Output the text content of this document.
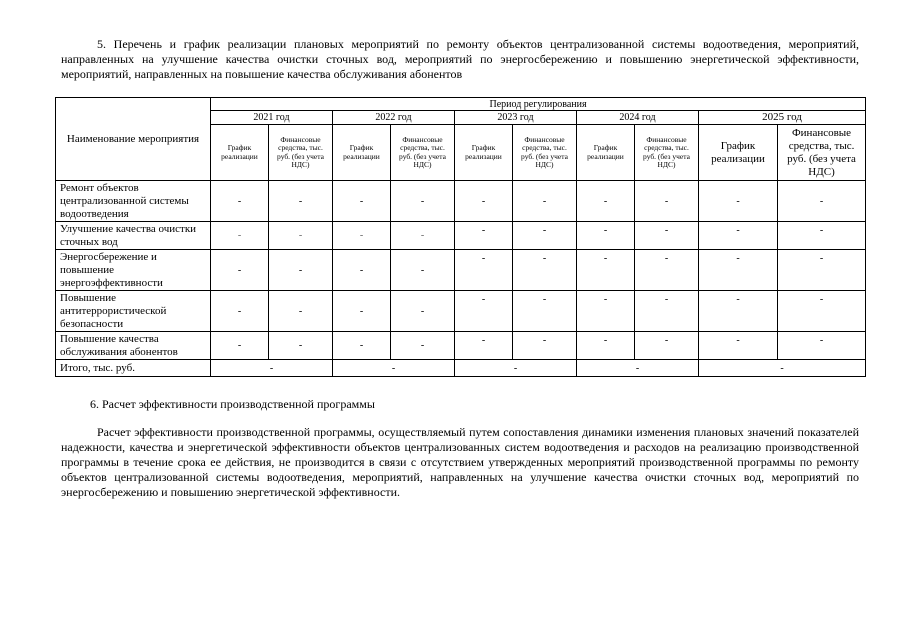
5. Перечень и график реализации плановых мероприятий по ремонту объектов централизованной системы водоотведения, мероприятий, направленных на улучшение качества очистки сточных вод, мероприятий по энергосбережению и повышению энергетической эффективности, мероприятий, направленных на повышение качества обслуживания абонентов

Наименование мероприятия	Период регулирования									
	2021 год		2022 год		2023 год		2024 год		2025 год	
	График реализации	Финансовые средства, тыс. руб. (без учета НДС)	График реализации	Финансовые средства, тыс. руб. (без учета НДС)	График реализации	Финансовые средства, тыс. руб. (без учета НДС)	График реализации	Финансовые средства, тыс. руб. (без учета НДС)	График реализации	Финансовые средства, тыс. руб. (без учета НДС)
Ремонт объектов централизованной системы водоотведения	-	-	-	-	-	-	-	-	-	-
Улучшение качества очистки сточных вод	-	-	-	-	-	-	-	-	-	-
Энергосбережение и повышение энергоэффективности	-	-	-	-	-	-	-	-	-	-
Повышение антитеррористической безопасности	-	-	-	-	-	-	-	-	-	-
Повышение качества обслуживания абонентов	-	-	-	-	-	-	-	-	-	-
Итого, тыс. руб.	-		-		-		-		-	

6. Расчет эффективности производственной программы

Расчет эффективности производственной программы, осуществляемый путем сопоставления динамики изменения плановых значений показателей надежности, качества и энергетической эффективности объектов централизованных систем водоотведения и расходов на реализацию производственной программы в течение срока ее действия, не производится в связи с отсутствием утвержденных мероприятий производственной программы по ремонту объектов централизованной системы водоотведения, мероприятий, направленных на улучшение качества очистки сточных вод, мероприятий по энергосбережению и повышению энергетической эффективности.
